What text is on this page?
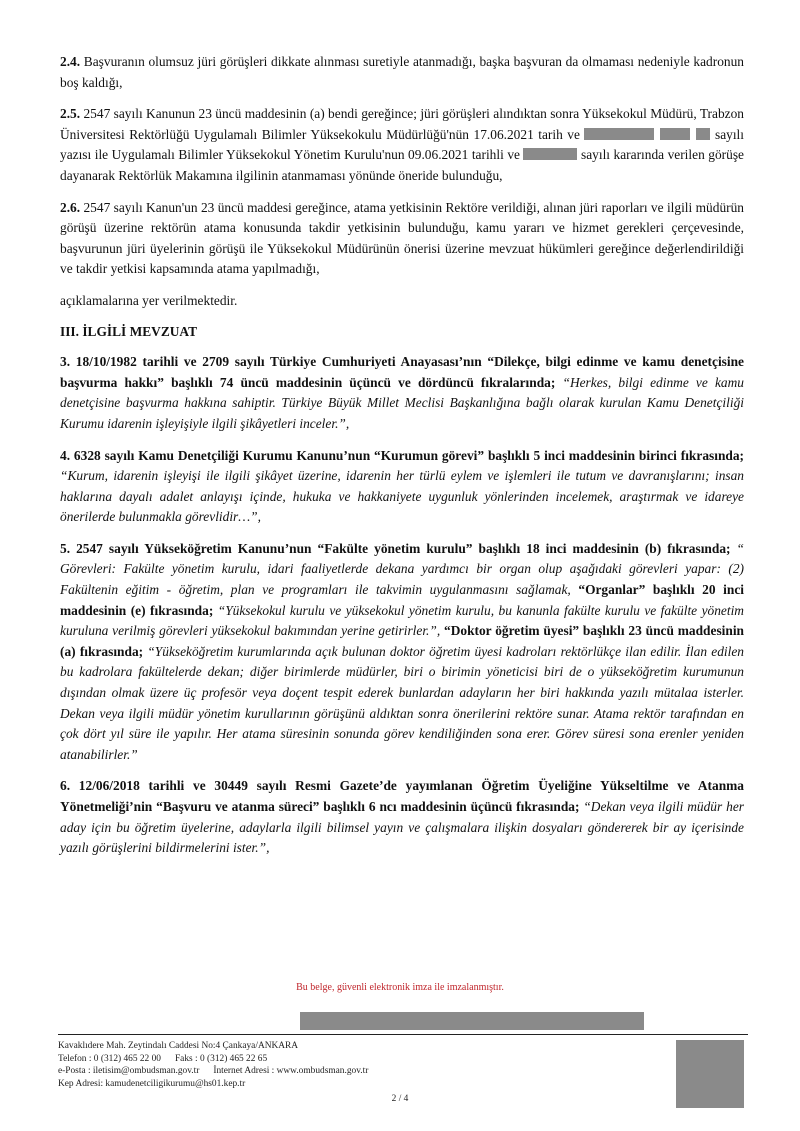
2.4. Başvuranın olumsuz jüri görüşleri dikkate alınması suretiyle atanmadığı, başka başvuran da olmaması nedeniyle kadronun boş kaldığı,

2.5. 2547 sayılı Kanunun 23 üncü maddesinin (a) bendi gereğince; jüri görüşleri alındıktan sonra Yüksekokul Müdürü, Trabzon Üniversitesi Rektörlüğü Uygulamalı Bilimler Yüksekokulu Müdürlüğü'nün 17.06.2021 tarih ve	sayılı yazısı ile Uygulamalı Bilimler Yüksekokul Yönetim Kurulu'nun 09.06.2021 tarihli ve	sayılı kararında verilen görüşe dayanarak Rektörlük Makamına ilgilinin atanmaması yönünde öneride bulunduğu,

2.6. 2547 sayılı Kanun'un 23 üncü maddesi gereğince, atama yetkisinin Rektöre verildiği, alınan jüri raporları ve ilgili müdürün görüşü üzerine rektörün atama konusunda takdir yetkisinin bulunduğu, kamu yararı ve hizmet gerekleri çerçevesinde, başvurunun jüri üyelerinin görüşü ile Yüksekokul Müdürünün önerisi üzerine mevzuat hükümleri gereğince değerlendirildiği ve takdir yetkisi kapsamında atama yapılmadığı,

açıklamalarına yer verilmektedir.

III. İLGİLİ MEVZUAT

3. 18/10/1982 tarihli ve 2709 sayılı Türkiye Cumhuriyeti Anayasası’nın “Dilekçe, bilgi edinme ve kamu denetçisine başvurma hakkı” başlıklı 74 üncü maddesinin üçüncü ve dördüncü fıkralarında; “Herkes, bilgi edinme ve kamu denetçisine başvurma hakkına sahiptir. Türkiye Büyük Millet Meclisi Başkanlığına bağlı olarak kurulan Kamu Denetçiliği Kurumu idarenin işleyişiyle ilgili şikâyetleri inceler.”,

4. 6328 sayılı Kamu Denetçiliği Kurumu Kanunu’nun “Kurumun görevi” başlıklı 5 inci maddesinin birinci fıkrasında; “Kurum, idarenin işleyişi ile ilgili şikâyet üzerine, idarenin her türlü eylem ve işlemleri ile tutum ve davranışlarını; insan haklarına dayalı adalet anlayışı içinde, hukuka ve hakkaniyete uygunluk yönlerinden incelemek, araştırmak ve idareye önerilerde bulunmakla görevlidir…”,

5. 2547 sayılı Yükseköğretim Kanunu’nun “Fakülte yönetim kurulu” başlıklı 18 inci maddesinin (b) fıkrasında; “ Görevleri: Fakülte yönetim kurulu, idari faaliyetlerde dekana yardımcı bir organ olup aşağıdaki görevleri yapar: (2) Fakültenin eğitim - öğretim, plan ve programları ile takvimin uygulanmasını sağlamak, “Organlar” başlıklı 20 inci maddesinin (e) fıkrasında; “Yüksekokul kurulu ve yüksekokul yönetim kurulu, bu kanunla fakülte kurulu ve fakülte yönetim kuruluna verilmiş görevleri yüksekokul bakımından yerine getirirler.”, “Doktor öğretim üyesi” başlıklı 23 üncü maddesinin (a) fıkrasında; “Yükseköğretim kurumlarında açık bulunan doktor öğretim üyesi kadroları rektörlükçe ilan edilir. İlan edilen bu kadrolara fakültelerde dekan; diğer birimlerde müdürler, biri o birimin yöneticisi biri de o yükseköğretim kurumunun dışından olmak üzere üç profesör veya doçent tespit ederek bunlardan adayların her biri hakkında yazılı mütalaa isterler. Dekan veya ilgili müdür yönetim kurullarının görüşünü aldıktan sonra önerilerini rektöre sunar. Atama rektör tarafından en çok dört yıl süre ile yapılır. Her atama süresinin sonunda görev kendiliğinden sona erer. Görev süresi sona erenler yeniden atanabilirler.”

6. 12/06/2018 tarihli ve 30449 sayılı Resmi Gazete’de yayımlanan Öğretim Üyeliğine Yükseltilme ve Atanma Yönetmeliği’nin “Başvuru ve atanma süreci” başlıklı 6 ncı maddesinin üçüncü fıkrasında; “Dekan veya ilgili müdür her aday için bu öğretim üyelerine, adaylarla ilgili bilimsel yayın ve çalışmalara ilişkin dosyaları göndererek bir ay içerisinde yazılı görüşlerini bildirmelerini ister.”,

Bu belge, güvenli elektronik imza ile imzalanmıştır.
Kavaklıdere Mah. Zeytindalı Caddesi No:4 Çankaya/ANKARA
Telefon : 0 (312) 465 22 00 Faks : 0 (312) 465 22 65
e-Posta : iletisim@ombudsman.gov.tr İnternet Adresi : www.ombudsman.gov.tr
Kep Adresi: kamudenetciligikurumu@hs01.kep.tr
2 / 4
